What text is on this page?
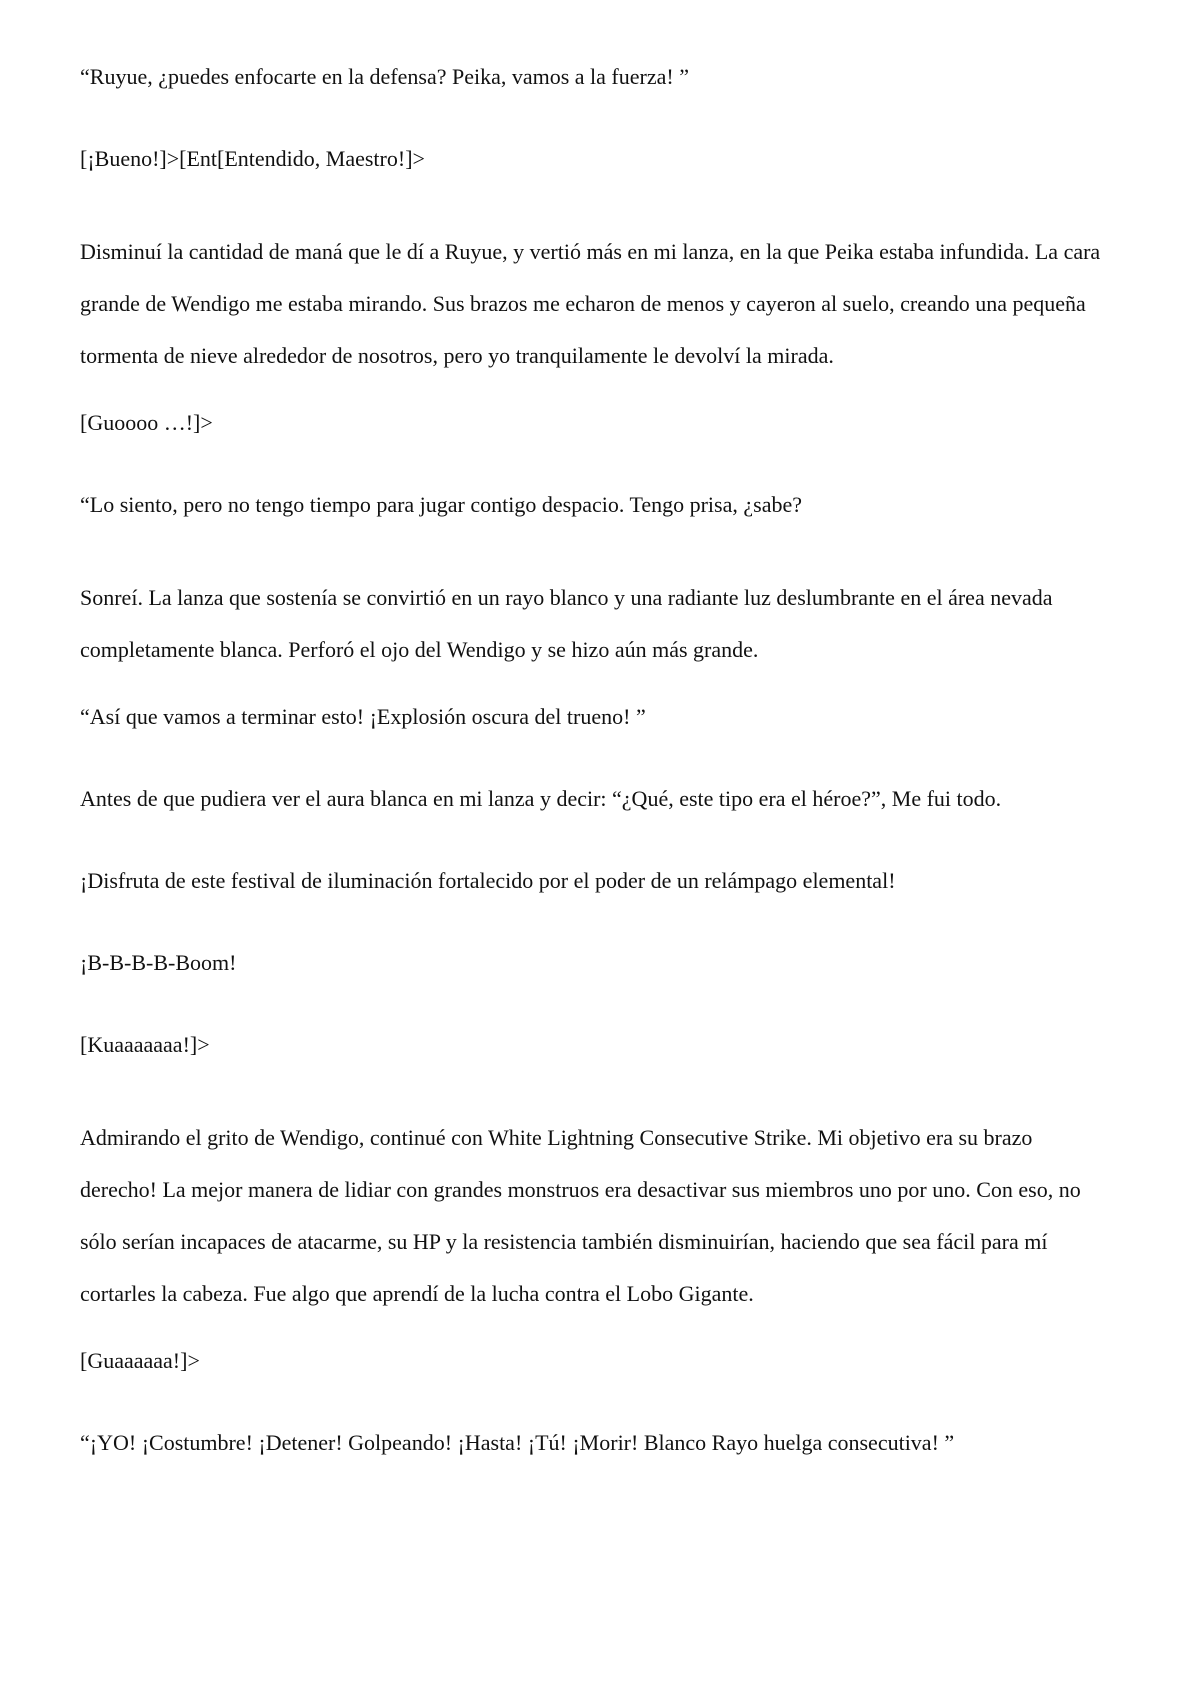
“Ruyue, ¿puedes enfocarte en la defensa? Peika, vamos a la fuerza! ”

[¡Bueno!]>[Ent[Entendido, Maestro!]>

Disminuí la cantidad de maná que le dí a Ruyue, y vertió más en mi lanza, en la que Peika estaba infundida. La cara grande de Wendigo me estaba mirando. Sus brazos me echaron de menos y cayeron al suelo, creando una pequeña tormenta de nieve alrededor de nosotros, pero yo tranquilamente le devolví la mirada.

[Guoooo …!]>

“Lo siento, pero no tengo tiempo para jugar contigo despacio. Tengo prisa, ¿sabe?

Sonreí. La lanza que sostenía se convirtió en un rayo blanco y una radiante luz deslumbrante en el área nevada completamente blanca. Perforó el ojo del Wendigo y se hizo aún más grande.

“Así que vamos a terminar esto! ¡Explosión oscura del trueno! ”

Antes de que pudiera ver el aura blanca en mi lanza y decir: “¿Qué, este tipo era el héroe?”, Me fui todo.

¡Disfruta de este festival de iluminación fortalecido por el poder de un relámpago elemental!

¡B-B-B-B-Boom!

[Kuaaaaaaa!]>

Admirando el grito de Wendigo, continué con White Lightning Consecutive Strike. Mi objetivo era su brazo derecho! La mejor manera de lidiar con grandes monstruos era desactivar sus miembros uno por uno. Con eso, no sólo serían incapaces de atacarme, su HP y la resistencia también disminuirían, haciendo que sea fácil para mí cortarles la cabeza. Fue algo que aprendí de la lucha contra el Lobo Gigante.

[Guaaaaaa!]>

“¡YO! ¡Costumbre! ¡Detener! Golpeando! ¡Hasta! ¡Tú! ¡Morir! Blanco Rayo huelga consecutiva! ”
